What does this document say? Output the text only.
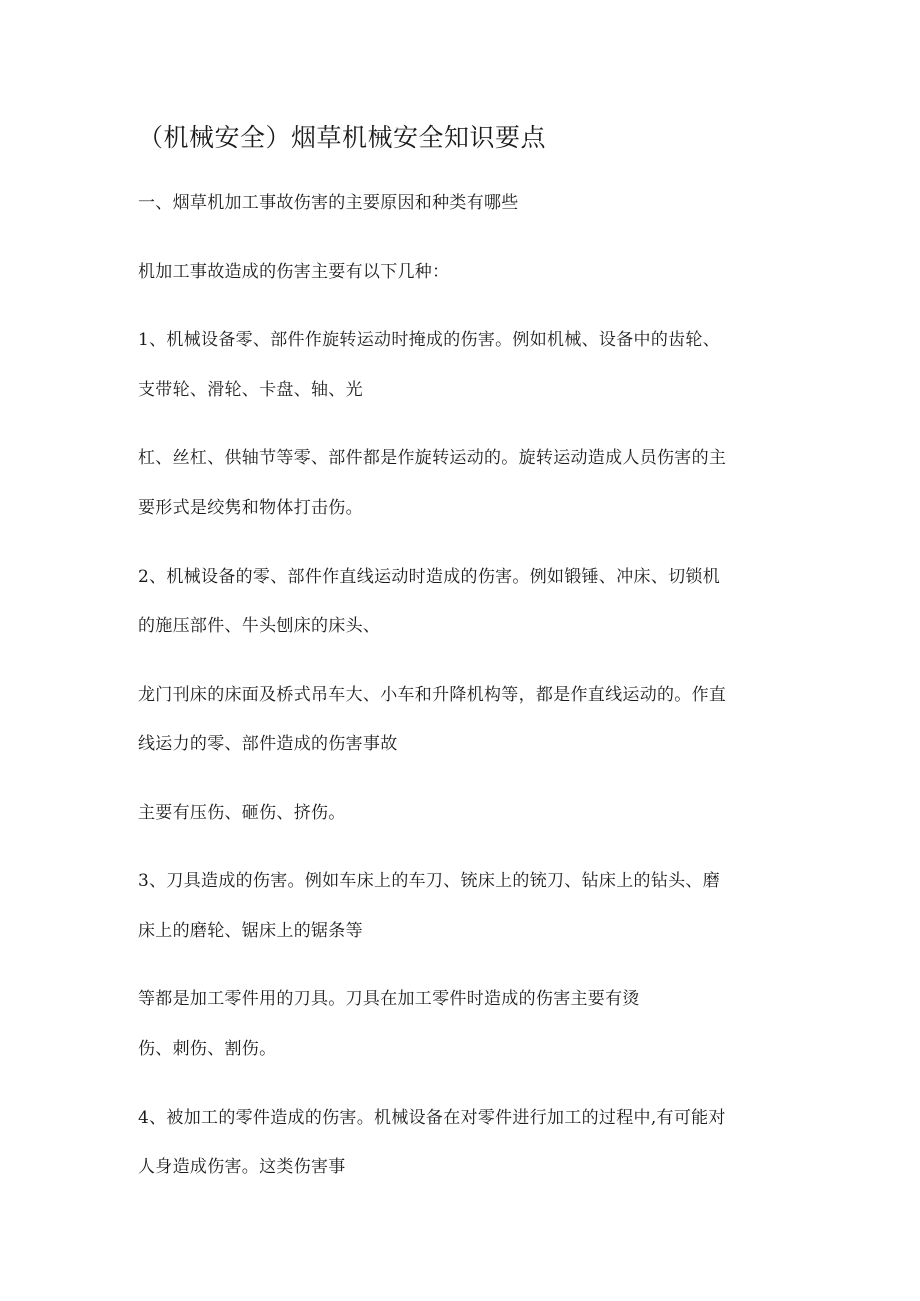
（机械安全）烟草机械安全知识要点
一、烟草机加工事故伤害的主要原因和种类有哪些
机加工事故造成的伤害主要有以下几种：
1、机械设备零、部件作旋转运动时掩成的伤害。例如机械、设备中的齿轮、
支带轮、滑轮、卡盘、轴、光
杠、丝杠、供轴节等零、部件都是作旋转运动的。旋转运动造成人员伤害的主
要形式是绞隽和物体打击伤。
2、机械设备的零、部件作直线运动时造成的伤害。例如锻锤、冲床、切锁机
的施压部件、牛头刨床的床头、
龙门刊床的床面及桥式吊车大、小车和升降机构等，都是作直线运动的。作直
线运力的零、部件造成的伤害事故
主要有压伤、砸伤、挤伤。
3、刀具造成的伤害。例如车床上的车刀、铳床上的铳刀、钻床上的钻头、磨
床上的磨轮、锯床上的锯条等
等都是加工零件用的刀具。刀具在加工零件时造成的伤害主要有烫
伤、刺伤、割伤。
4、被加工的零件造成的伤害。机械设备在对零件进行加工的过程中,有可能对
人身造成伤害。这类伤害事
